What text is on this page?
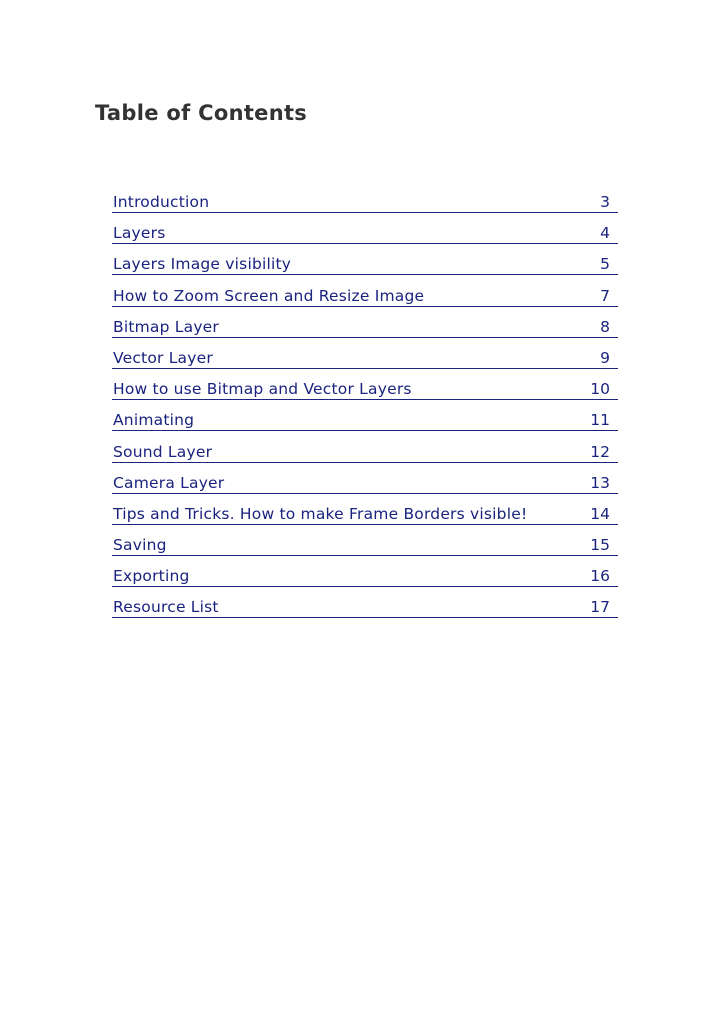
Table of Contents
Introduction	3
Layers	4
Layers Image visibility	5
How to Zoom Screen and Resize Image	7
Bitmap Layer	8
Vector Layer	9
How to use Bitmap and Vector Layers	10
Animating	11
Sound Layer	12
Camera Layer	13
Tips and Tricks. How to make Frame Borders visible!	14
Saving	15
Exporting	16
Resource List	17
